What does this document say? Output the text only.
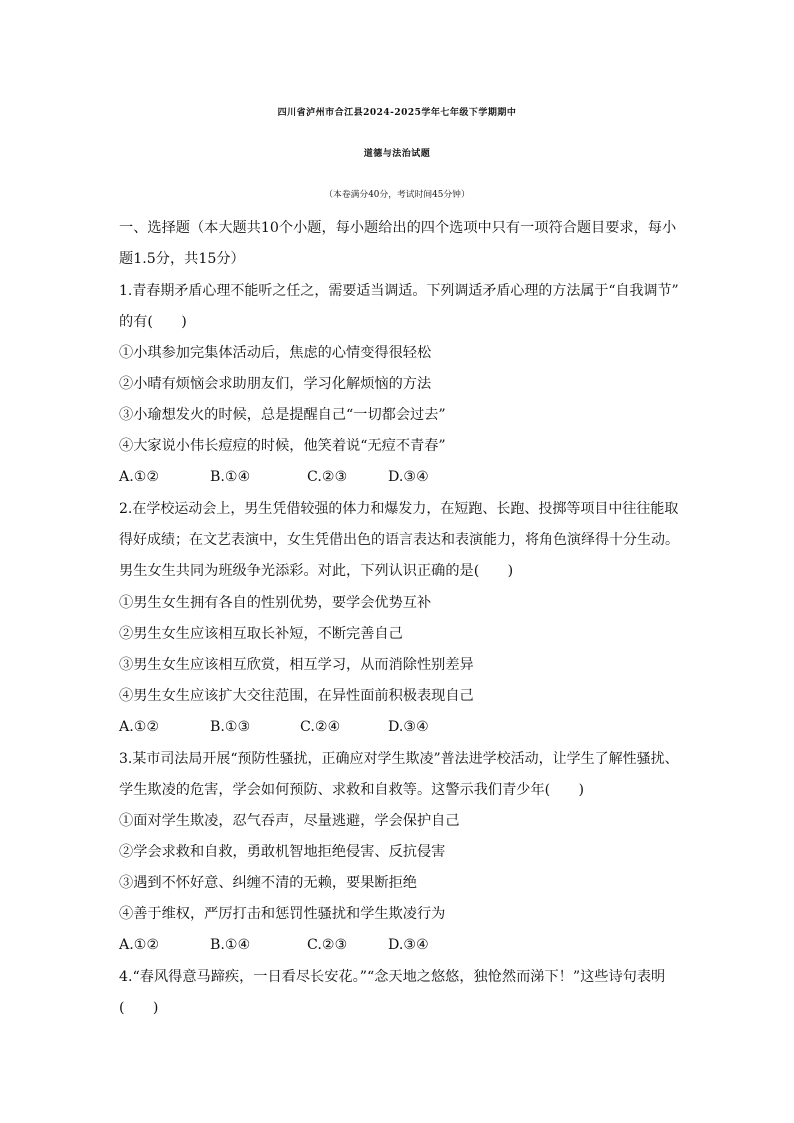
四川省泸州市合江县2024-2025学年七年级下学期期中
道德与法治试题
（本卷满分40分，考试时间45分钟）
一、选择题（本大题共10个小题，每小题给出的四个选项中只有一项符合题目要求，每小
题1.5分，共15分）
1.青春期矛盾心理不能听之任之，需要适当调适。下列调适矛盾心理的方法属于“自我调节”
的有(　　)
①小琪参加完集体活动后，焦虑的心情变得很轻松
②小晴有烦恼会求助朋友们，学习化解烦恼的方法
③小瑜想发火的时候，总是提醒自己“一切都会过去”
④大家说小伟长痘痘的时候，他笑着说“无痘不青春”
A.①②	B.①④	C.②③	D.③④
2.在学校运动会上，男生凭借较强的体力和爆发力，在短跑、长跑、投掷等项目中往往能取
得好成绩；在文艺表演中，女生凭借出色的语言表达和表演能力，将角色演绎得十分生动。
男生女生共同为班级争光添彩。对此，下列认识正确的是(　　)
①男生女生拥有各自的性别优势，要学会优势互补
②男生女生应该相互取长补短，不断完善自己
③男生女生应该相互欣赏，相互学习，从而消除性别差异
④男生女生应该扩大交往范围，在异性面前积极表现自己
A.①②	B.①③	C.②④	D.③④
3.某市司法局开展“预防性骚扰，正确应对学生欺凌”普法进学校活动，让学生了解性骚扰、
学生欺凌的危害，学会如何预防、求救和自救等。这警示我们青少年(　　)
①面对学生欺凌，忍气吞声，尽量逃避，学会保护自己
②学会求救和自救，勇敢机智地拒绝侵害、反抗侵害
③遇到不怀好意、纠缠不清的无赖，要果断拒绝
④善于维权，严厉打击和惩罚性骚扰和学生欺凌行为
A.①②	B.①④	C.②③	D.③④
4.“春风得意马蹄疾，一日看尽长安花。”“念天地之悠悠，独怆然而涕下！”这些诗句表明
(　　)
